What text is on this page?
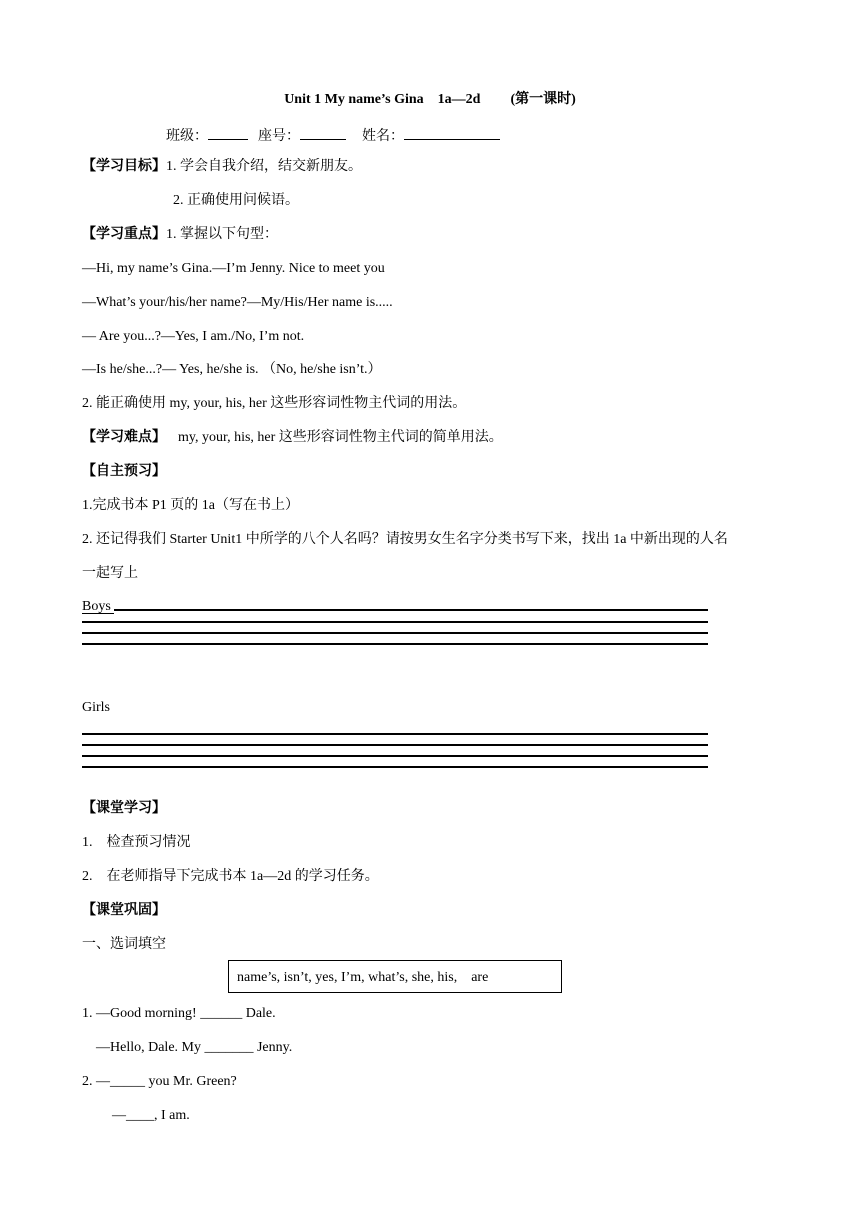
Unit 1 My name’s Gina 1a—2d (第一课时)
班级：	座号：	姓名：
【学习目标】1. 学会自我介绍，结交新朋友。
2. 正确使用问候语。
【学习重点】1. 掌握以下句型：
—Hi, my name’s Gina.—I’m Jenny. Nice to meet you
—What’s your/his/her name?—My/His/Her name is.....
— Are you...?—Yes, I am./No, I’m not.
—Is he/she...?— Yes, he/she is. （No, he/she isn’t.）
2. 能正确使用 my, your, his, her 这些形容词性物主代词的用法。
【学习难点】 my, your, his, her 这些形容词性物主代词的简单用法。
【自主预习】
1.完成书本 P1 页的 1a（写在书上）
2. 还记得我们 Starter Unit1 中所学的八个人名吗？请按男女生名字分类书写下来，找出 1a 中新出现的人名
一起写上
Boys
Girls
【课堂学习】
1.    检查预习情况
2.    在老师指导下完成书本 1a—2d 的学习任务。
【课堂巩固】
一、选词填空
name’s, isn’t, yes, I’m, what’s, she, his,    are
1. —Good morning! ______ Dale.
—Hello, Dale. My _______ Jenny.
2. —_____ you Mr. Green?
—____, I am.
